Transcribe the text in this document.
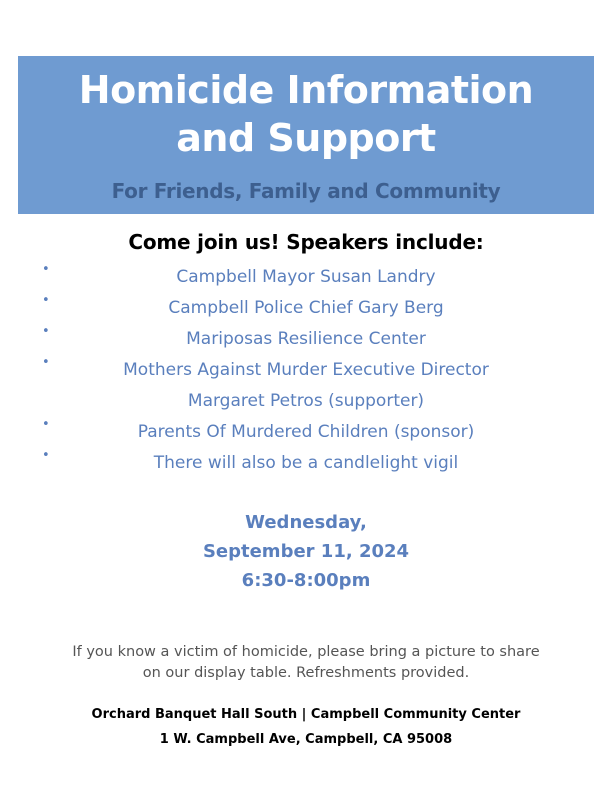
Homicide Information
and Support
For Friends, Family and Community
Come join us! Speakers include:
•	Campbell Mayor Susan Landry
•	Campbell Police Chief Gary Berg
•	Mariposas Resilience Center
•	Mothers Against Murder Executive Director
Margaret Petros (supporter)
•	Parents Of Murdered Children (sponsor)
•	There will also be a candlelight vigil
Wednesday,
September 11, 2024
6:30-8:00pm
If you know a victim of homicide, please bring a picture to share
on our display table. Refreshments provided.
Orchard Banquet Hall South | Campbell Community Center
1 W. Campbell Ave, Campbell, CA 95008
